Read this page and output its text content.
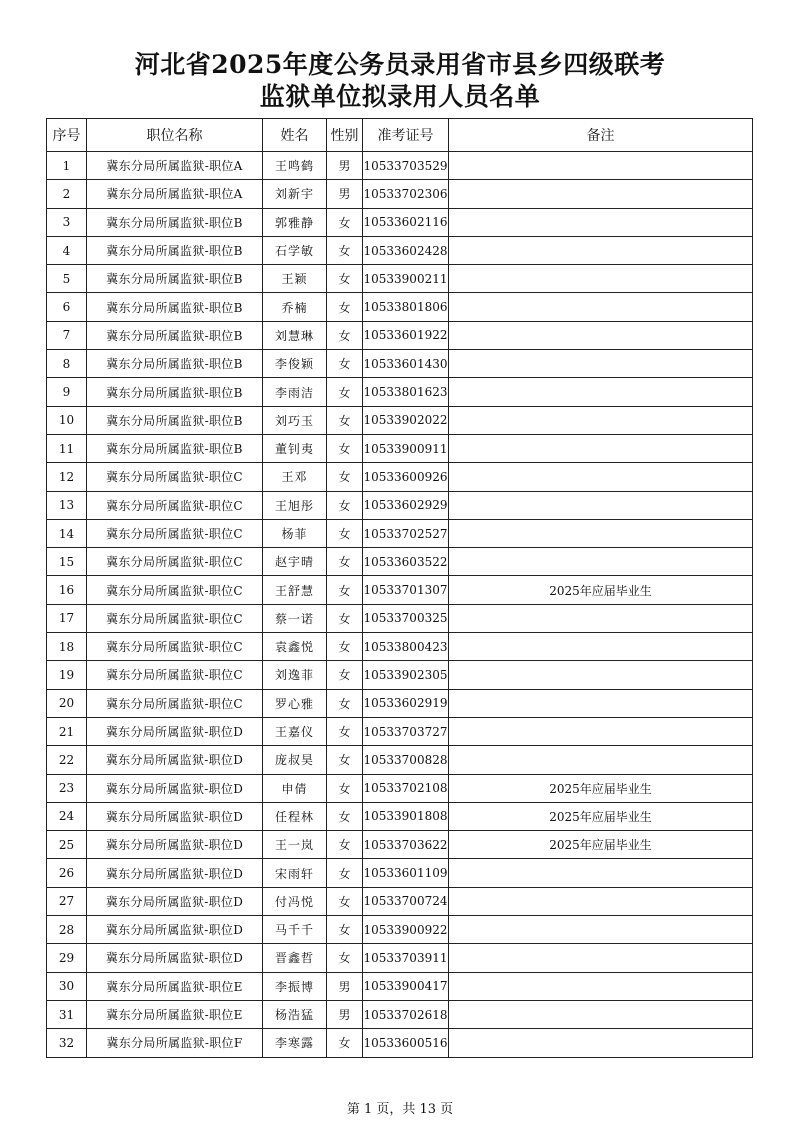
河北省2025年度公务员录用省市县乡四级联考
监狱单位拟录用人员名单
序号	职位名称	姓名	性别	准考证号	备注
1	冀东分局所属监狱-职位A	王鸣鹤	男	10533703529	
2	冀东分局所属监狱-职位A	刘新宇	男	10533702306	
3	冀东分局所属监狱-职位B	郭雅静	女	10533602116	
4	冀东分局所属监狱-职位B	石学敏	女	10533602428	
5	冀东分局所属监狱-职位B	王颖	女	10533900211	
6	冀东分局所属监狱-职位B	乔楠	女	10533801806	
7	冀东分局所属监狱-职位B	刘慧琳	女	10533601922	
8	冀东分局所属监狱-职位B	李俊颖	女	10533601430	
9	冀东分局所属监狱-职位B	李雨洁	女	10533801623	
10	冀东分局所属监狱-职位B	刘巧玉	女	10533902022	
11	冀东分局所属监狱-职位B	董钊夷	女	10533900911	
12	冀东分局所属监狱-职位C	王邓	女	10533600926	
13	冀东分局所属监狱-职位C	王旭彤	女	10533602929	
14	冀东分局所属监狱-职位C	杨菲	女	10533702527	
15	冀东分局所属监狱-职位C	赵宇晴	女	10533603522	
16	冀东分局所属监狱-职位C	王舒慧	女	10533701307	2025年应届毕业生
17	冀东分局所属监狱-职位C	蔡一诺	女	10533700325	
18	冀东分局所属监狱-职位C	袁鑫悦	女	10533800423	
19	冀东分局所属监狱-职位C	刘逸菲	女	10533902305	
20	冀东分局所属监狱-职位C	罗心雅	女	10533602919	
21	冀东分局所属监狱-职位D	王嘉仪	女	10533703727	
22	冀东分局所属监狱-职位D	庞叔昊	女	10533700828	
23	冀东分局所属监狱-职位D	申倩	女	10533702108	2025年应届毕业生
24	冀东分局所属监狱-职位D	任程林	女	10533901808	2025年应届毕业生
25	冀东分局所属监狱-职位D	王一岚	女	10533703622	2025年应届毕业生
26	冀东分局所属监狱-职位D	宋雨轩	女	10533601109	
27	冀东分局所属监狱-职位D	付冯悦	女	10533700724	
28	冀东分局所属监狱-职位D	马千千	女	10533900922	
29	冀东分局所属监狱-职位D	晋鑫哲	女	10533703911	
30	冀东分局所属监狱-职位E	李振博	男	10533900417	
31	冀东分局所属监狱-职位E	杨浩猛	男	10533702618	
32	冀东分局所属监狱-职位F	李寒露	女	10533600516	
第 1 页，共 13 页
